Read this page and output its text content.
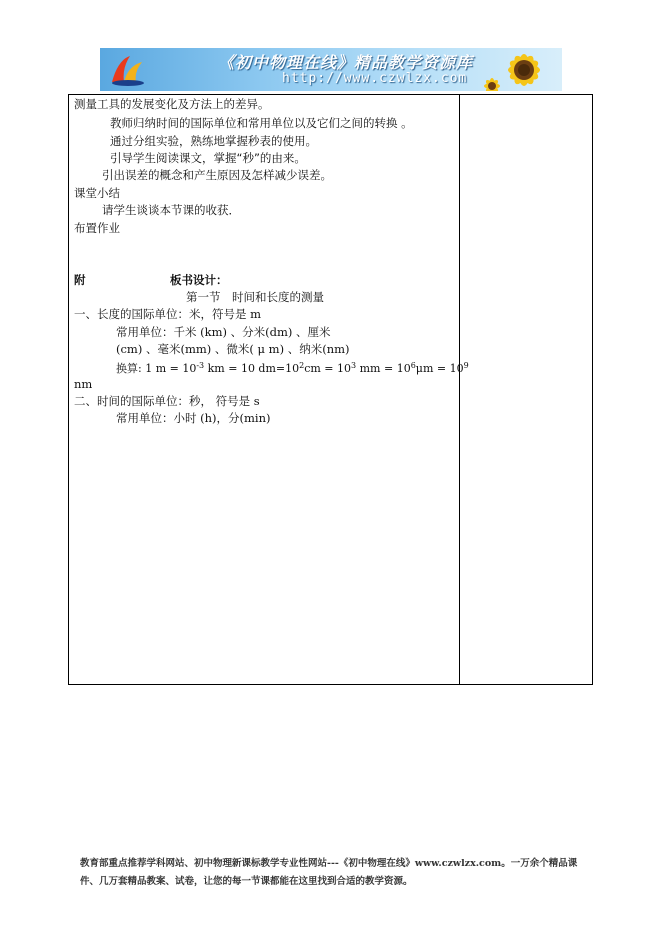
《初中物理在线》精品教学资源库
http://www.czwlzx.com
测量工具的发展变化及方法上的差异。
教师归纳时间的国际单位和常用单位以及它们之间的转换 。
通过分组实验，熟练地掌握秒表的使用。
引导学生阅读课文，掌握“秒”的由来。
引出误差的概念和产生原因及怎样减少误差。
课堂小结
请学生谈谈本节课的收获．
布置作业
附	板书设计：
第一节　时间和长度的测量
一、长度的国际单位：米，符号是 m
常用单位：千米 (km) 、分米(dm) 、厘米
(cm) 、毫米(mm) 、微米( μ m) 、纳米(nm)
换算: 1 $m = 10^{-3}$ km = 10 $dm=10^2cm = 10^3$ mm = $10^6\mu m = 10^9$
nm
二、时间的国际单位：秒， 符号是 s
常用单位：小时 (h)，分(min)
教育部重点推荐学科网站、初中物理新课标教学专业性网站---《初中物理在线》www.czwlzx.com。一万余个精品课
件、几万套精品教案、试卷，让您的每一节课都能在这里找到合适的教学资源。
